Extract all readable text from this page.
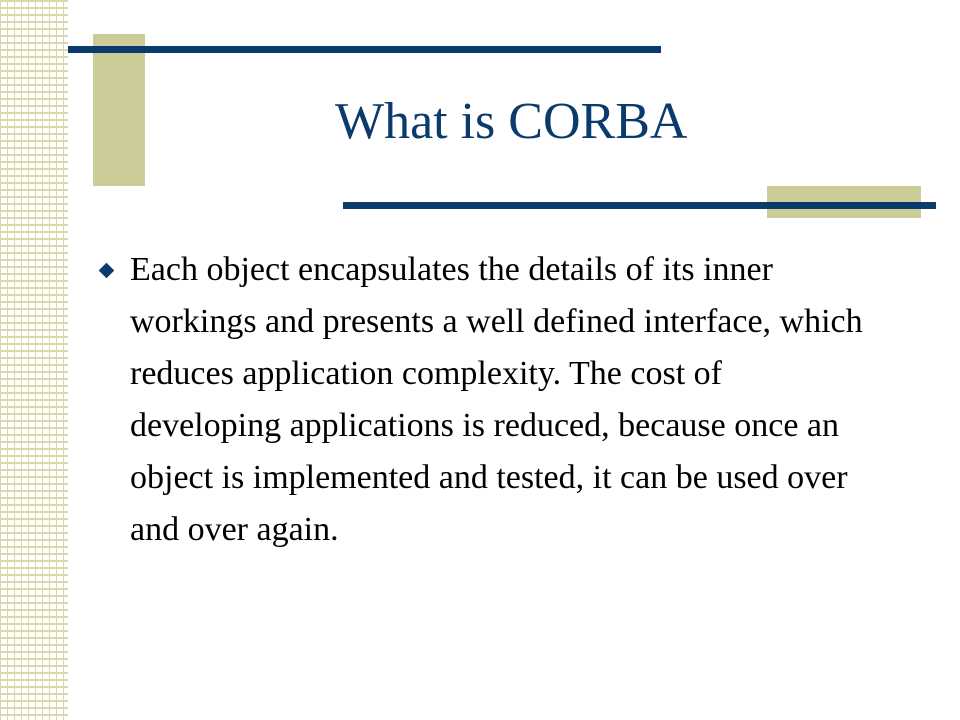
What is CORBA
Each object encapsulates the details of its inner workings and presents a well defined interface, which reduces application complexity. The cost of developing applications is reduced, because once an object is implemented and tested, it can be used over and over again.
